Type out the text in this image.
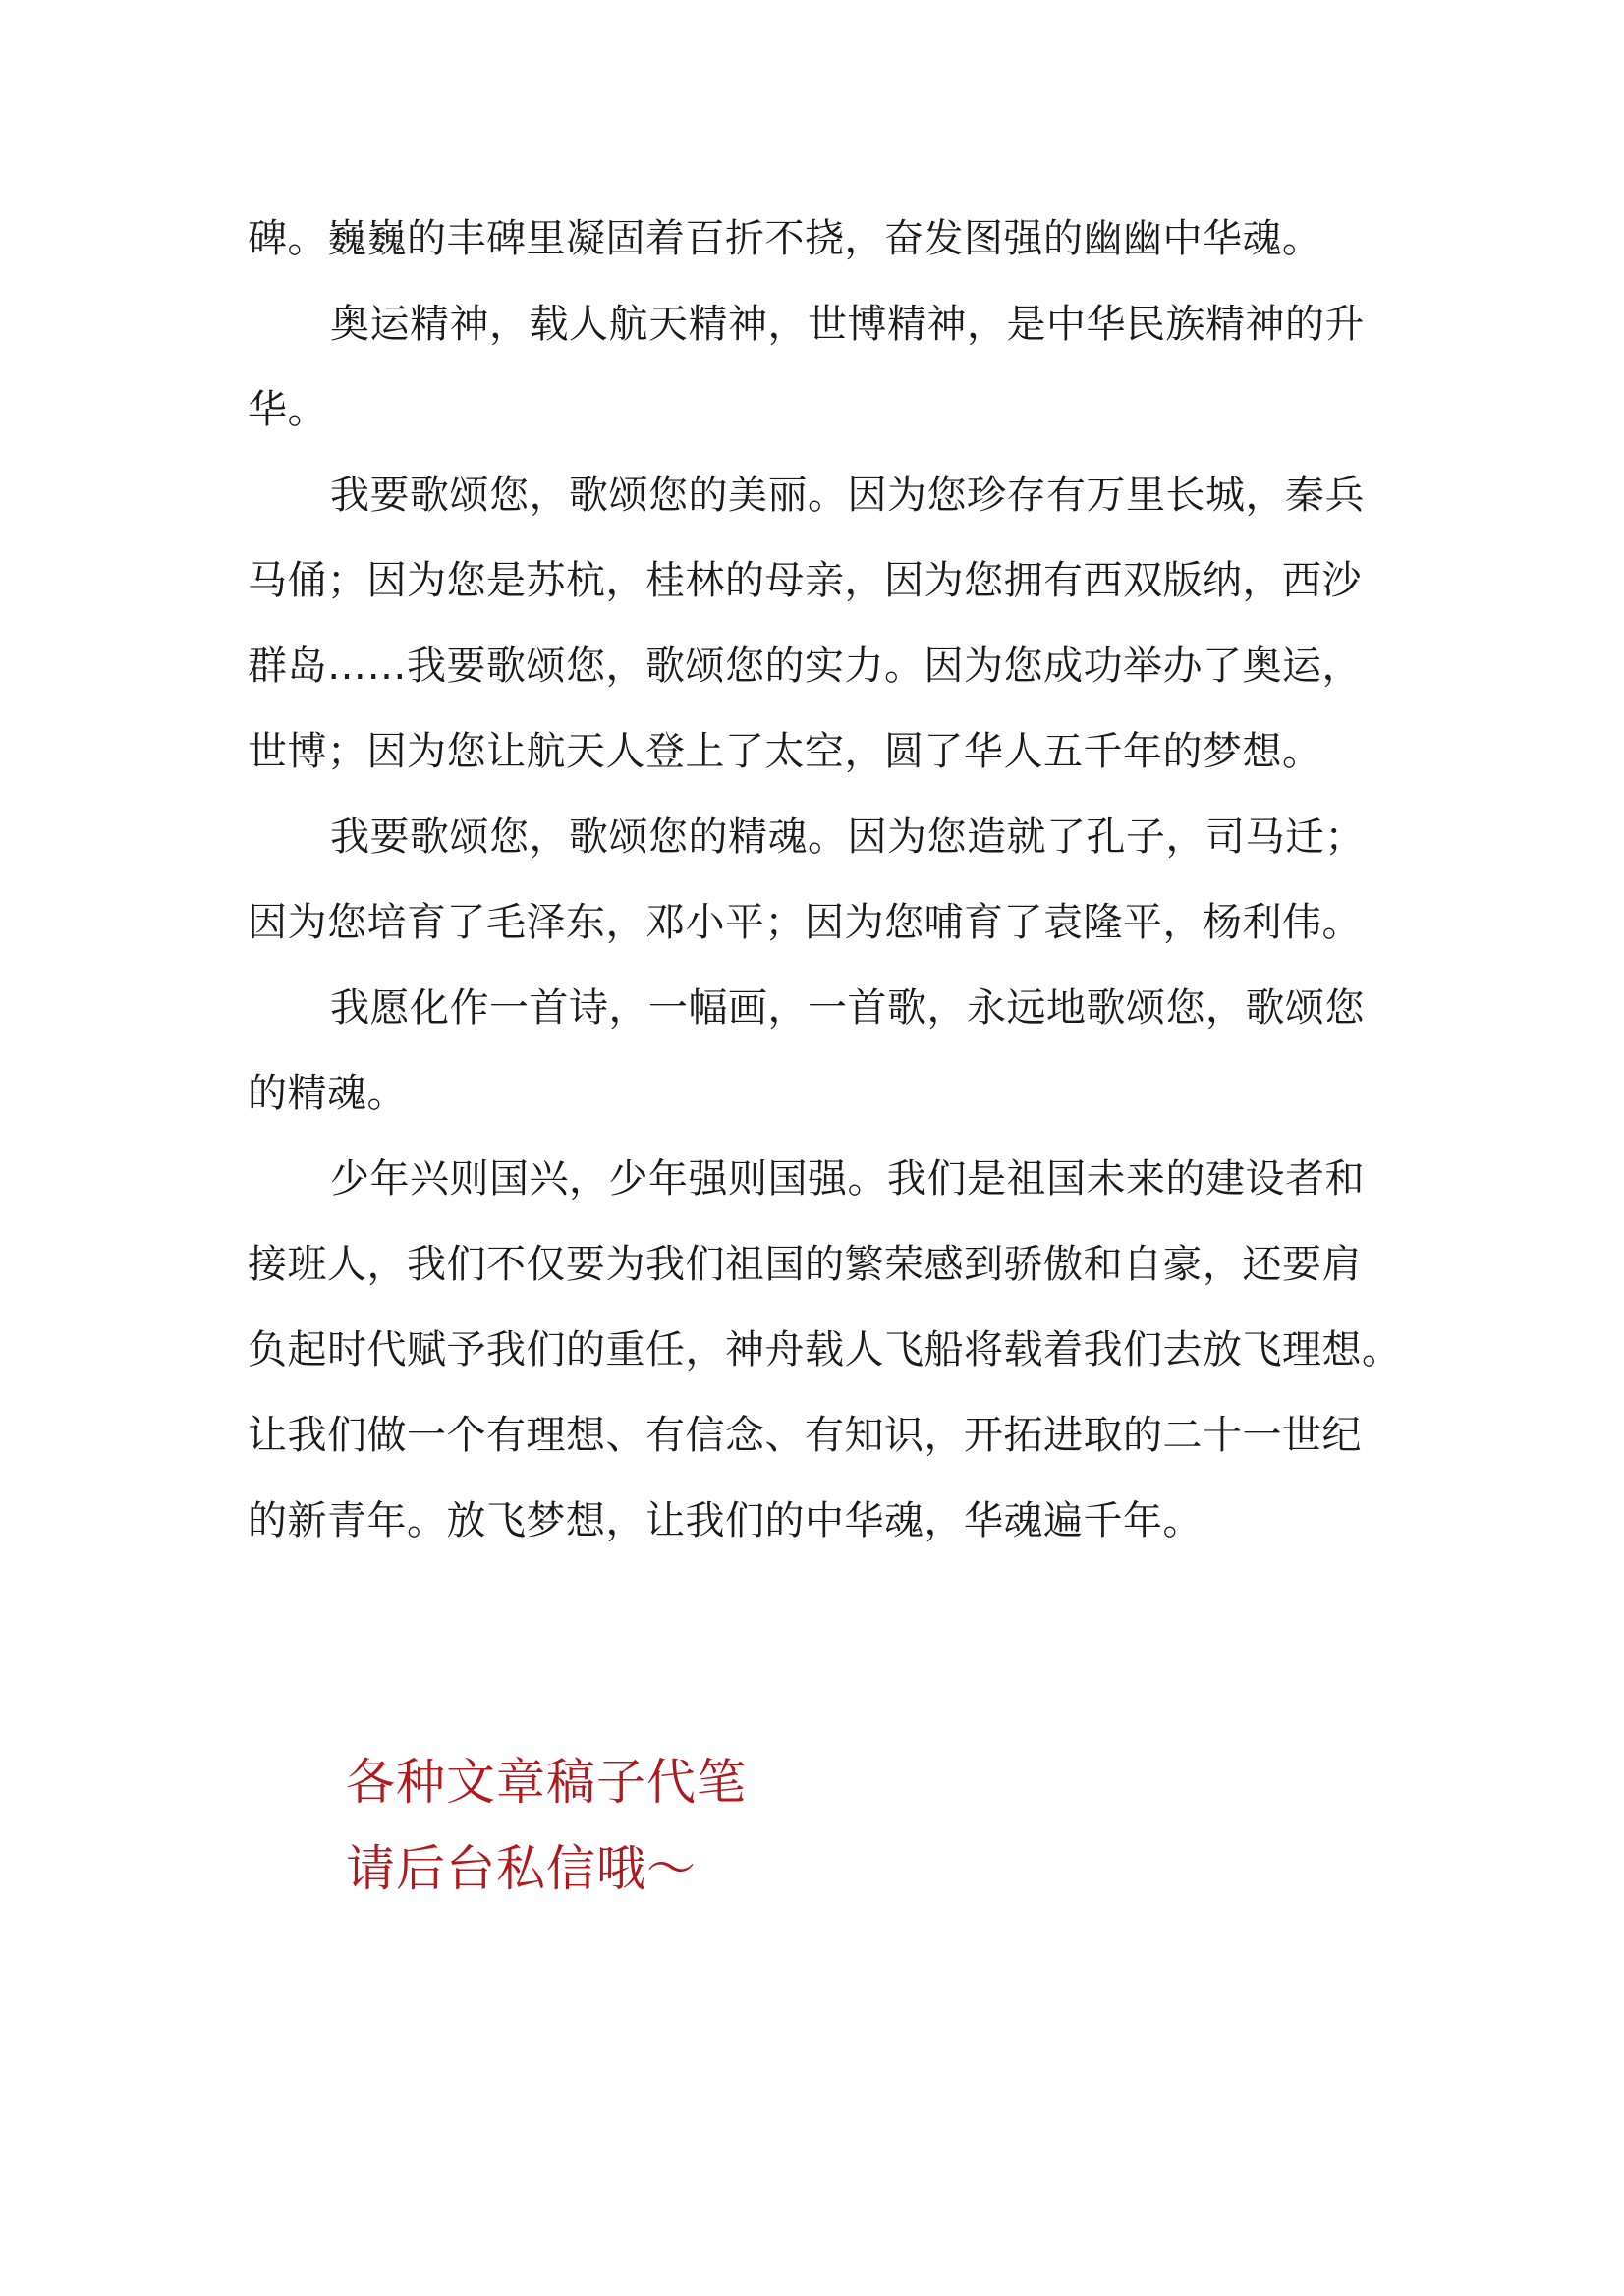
碑。巍巍的丰碑里凝固着百折不挠，奋发图强的幽幽中华魂。
奥运精神，载人航天精神，世博精神，是中华民族精神的升
华。
我要歌颂您，歌颂您的美丽。因为您珍存有万里长城，秦兵
马俑；因为您是苏杭，桂林的母亲，因为您拥有西双版纳，西沙
群岛……我要歌颂您，歌颂您的实力。因为您成功举办了奥运，
世博；因为您让航天人登上了太空，圆了华人五千年的梦想。
我要歌颂您，歌颂您的精魂。因为您造就了孔子，司马迁；
因为您培育了毛泽东，邓小平；因为您哺育了袁隆平，杨利伟。
我愿化作一首诗，一幅画，一首歌，永远地歌颂您，歌颂您
的精魂。
少年兴则国兴，少年强则国强。我们是祖国未来的建设者和
接班人，我们不仅要为我们祖国的繁荣感到骄傲和自豪，还要肩
负起时代赋予我们的重任，神舟载人飞船将载着我们去放飞理想。
让我们做一个有理想、有信念、有知识，开拓进取的二十一世纪
的新青年。放飞梦想，让我们的中华魂，华魂遍千年。
各种文章稿子代笔
请后台私信哦～
